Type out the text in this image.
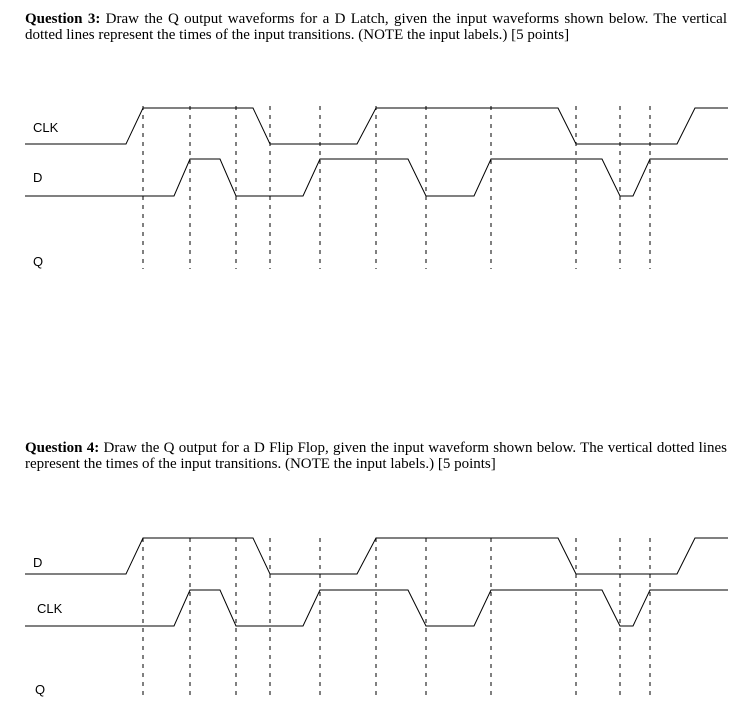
Question 3: Draw the Q output waveforms for a D Latch, given the input waveforms shown below. The vertical dotted lines represent the times of the input transitions. (NOTE the input labels.) [5 points]
CLK
D
Q
Question 4: Draw the Q output for a D Flip Flop, given the input waveform shown below. The vertical dotted lines represent the times of the input transitions. (NOTE the input labels.) [5 points]
D
CLK
Q
